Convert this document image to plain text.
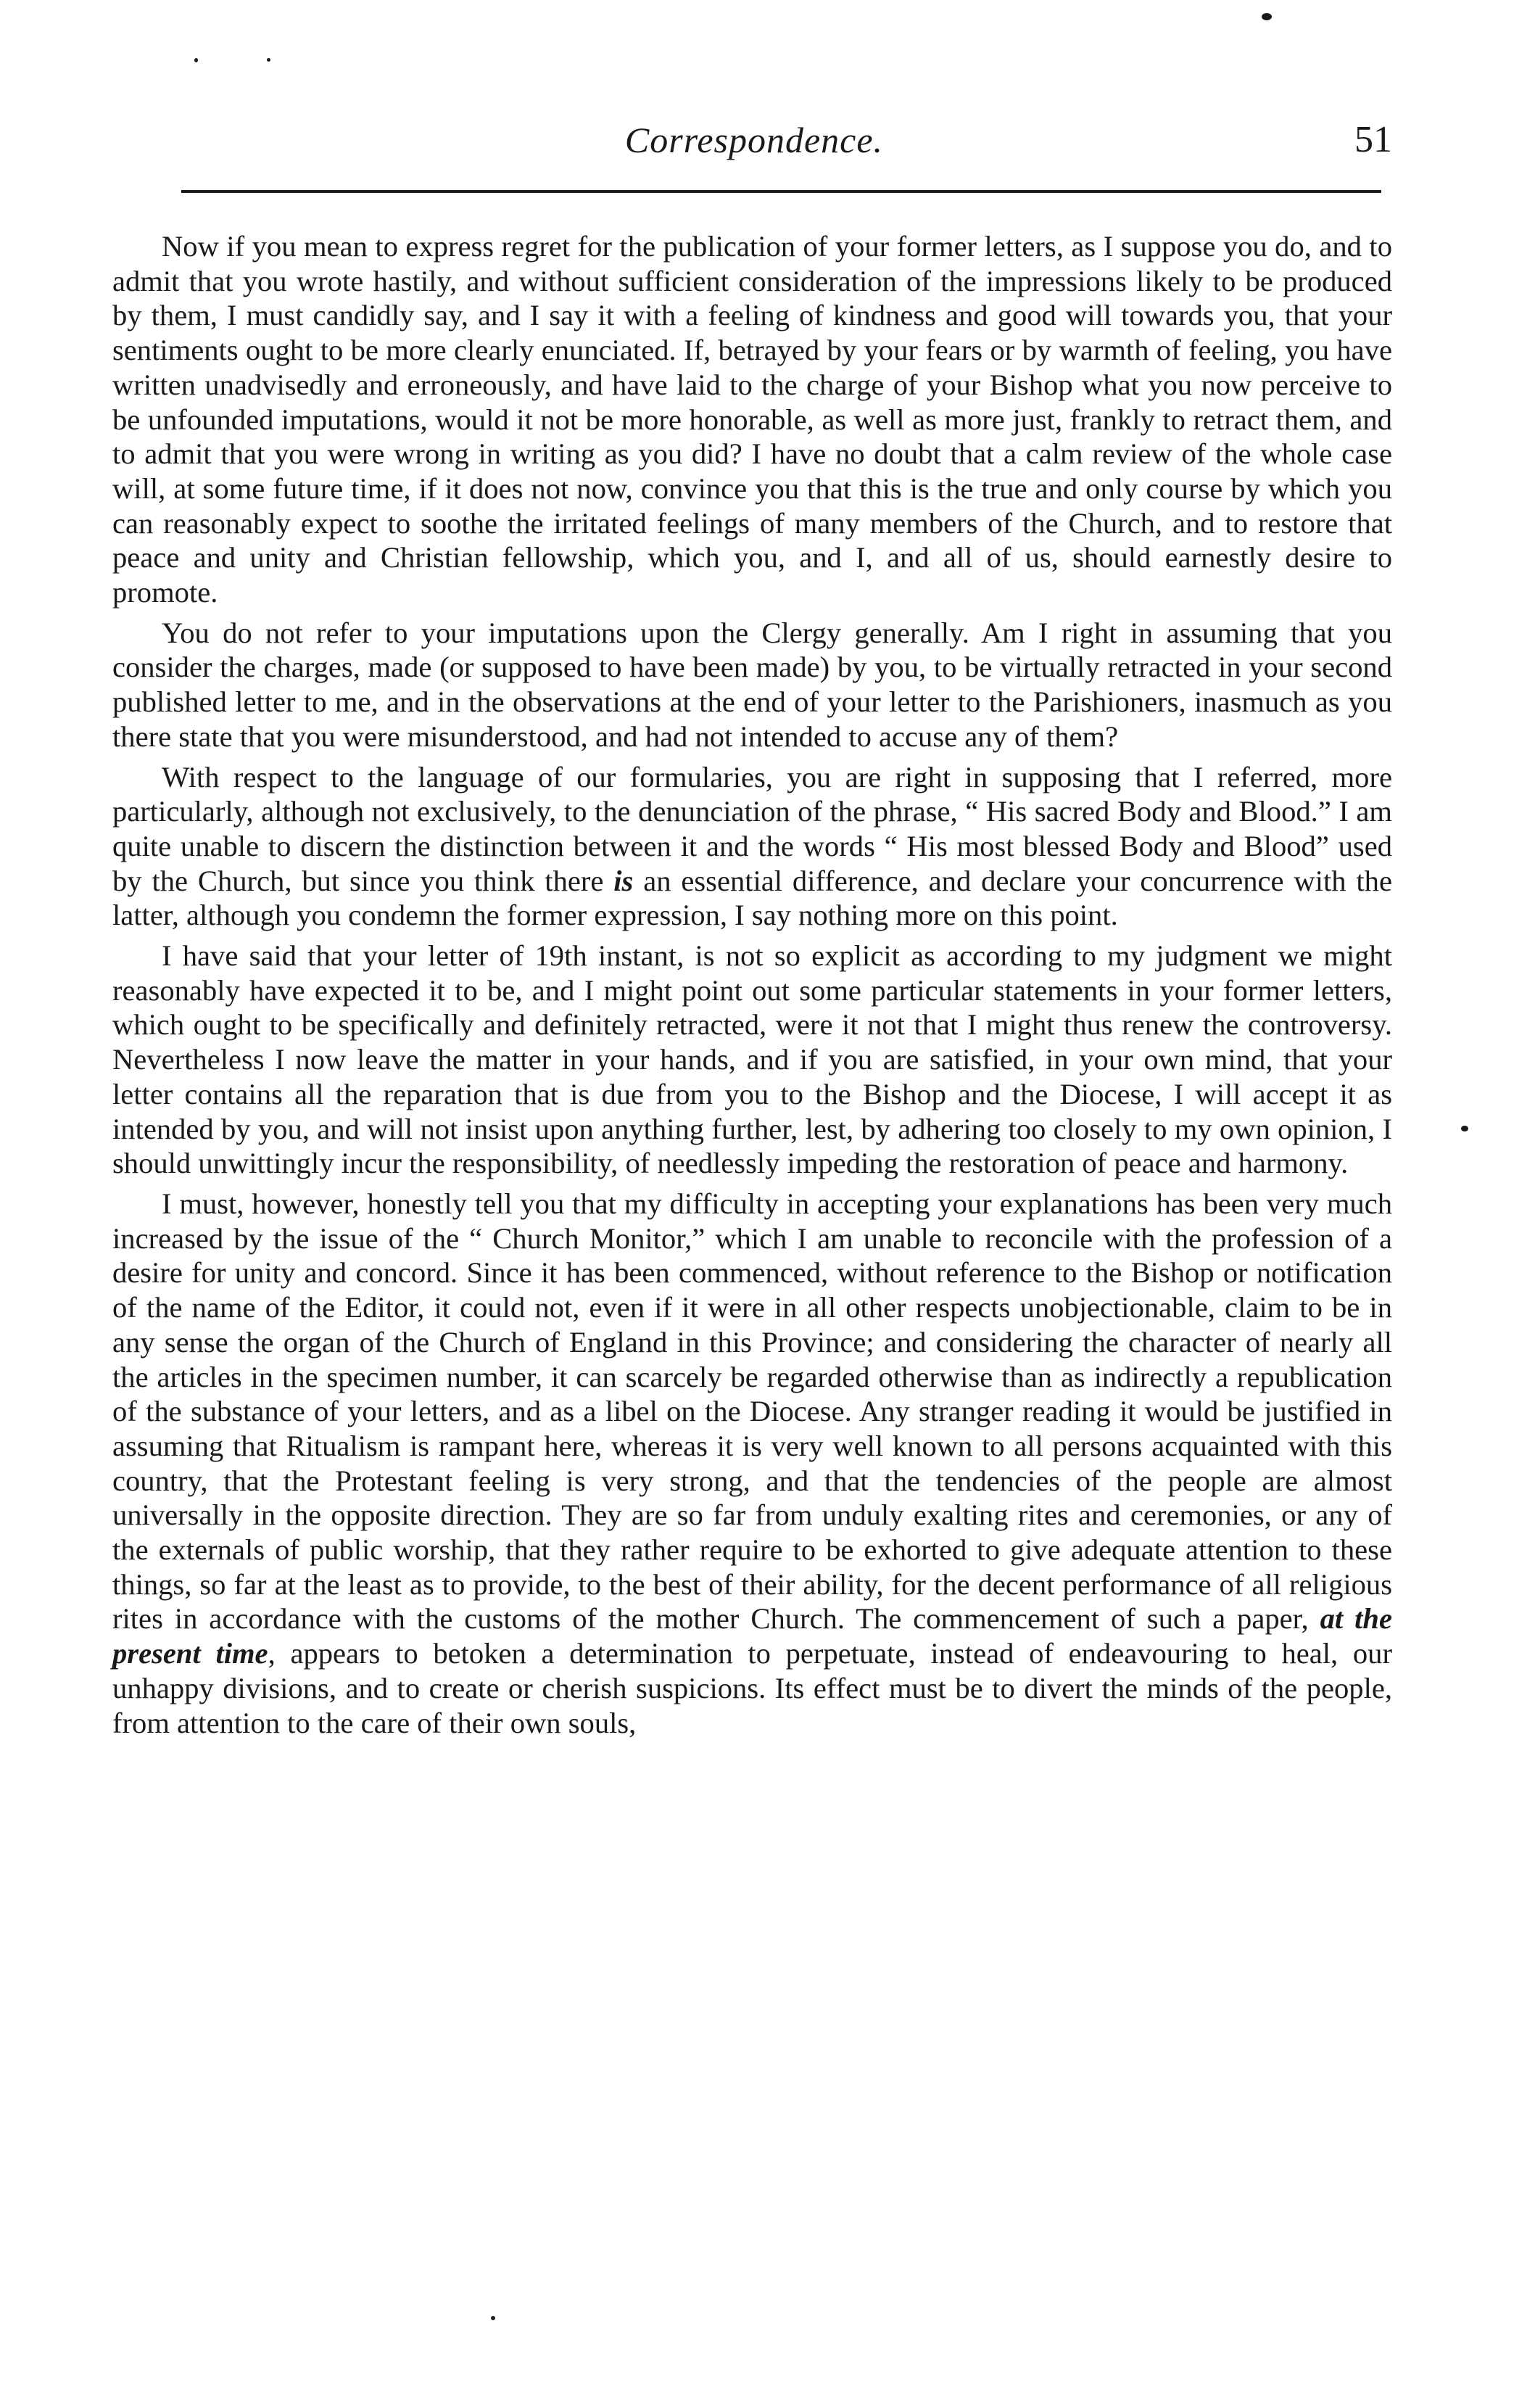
Correspondence.	51

Now if you mean to express regret for the publication of your former letters, as I suppose you do, and to admit that you wrote hastily, and without sufficient consideration of the impressions likely to be produced by them, I must candidly say, and I say it with a feeling of kindness and good will towards you, that your sentiments ought to be more clearly enunciated. If, betrayed by your fears or by warmth of feeling, you have written unadvisedly and erroneously, and have laid to the charge of your Bishop what you now perceive to be unfounded imputations, would it not be more honorable, as well as more just, frankly to retract them, and to admit that you were wrong in writing as you did? I have no doubt that a calm review of the whole case will, at some future time, if it does not now, convince you that this is the true and only course by which you can reasonably expect to soothe the irritated feelings of many members of the Church, and to restore that peace and unity and Christian fellowship, which you, and I, and all of us, should earnestly desire to promote.

You do not refer to your imputations upon the Clergy generally. Am I right in assuming that you consider the charges, made (or supposed to have been made) by you, to be virtually retracted in your second published letter to me, and in the observations at the end of your letter to the Parishioners, inasmuch as you there state that you were misunderstood, and had not intended to accuse any of them?

With respect to the language of our formularies, you are right in supposing that I referred, more particularly, although not exclusively, to the denunciation of the phrase, “ His sacred Body and Blood.” I am quite unable to discern the distinction between it and the words “ His most blessed Body and Blood” used by the Church, but since you think there is an essential difference, and declare your concurrence with the latter, although you condemn the former expression, I say nothing more on this point.

I have said that your letter of 19th instant, is not so explicit as according to my judgment we might reasonably have expected it to be, and I might point out some particular statements in your former letters, which ought to be specifically and definitely retracted, were it not that I might thus renew the controversy. Nevertheless I now leave the matter in your hands, and if you are satisfied, in your own mind, that your letter contains all the reparation that is due from you to the Bishop and the Diocese, I will accept it as intended by you, and will not insist upon anything further, lest, by adhering too closely to my own opinion, I should unwittingly incur the responsibility, of needlessly impeding the restoration of peace and harmony.

I must, however, honestly tell you that my difficulty in accepting your explanations has been very much increased by the issue of the “ Church Monitor,” which I am unable to reconcile with the profession of a desire for unity and concord. Since it has been commenced, without reference to the Bishop or notification of the name of the Editor, it could not, even if it were in all other respects unobjectionable, claim to be in any sense the organ of the Church of England in this Province; and considering the character of nearly all the articles in the specimen number, it can scarcely be regarded otherwise than as indirectly a republication of the substance of your letters, and as a libel on the Diocese. Any stranger reading it would be justified in assuming that Ritualism is rampant here, whereas it is very well known to all persons acquainted with this country, that the Protestant feeling is very strong, and that the tendencies of the people are almost universally in the opposite direction. They are so far from unduly exalting rites and ceremonies, or any of the externals of public worship, that they rather require to be exhorted to give adequate attention to these things, so far at the least as to provide, to the best of their ability, for the decent performance of all religious rites in accordance with the customs of the mother Church. The commencement of such a paper, at the present time, appears to betoken a determination to perpetuate, instead of endeavouring to heal, our unhappy divisions, and to create or cherish suspicions. Its effect must be to divert the minds of the people, from attention to the care of their own souls,
